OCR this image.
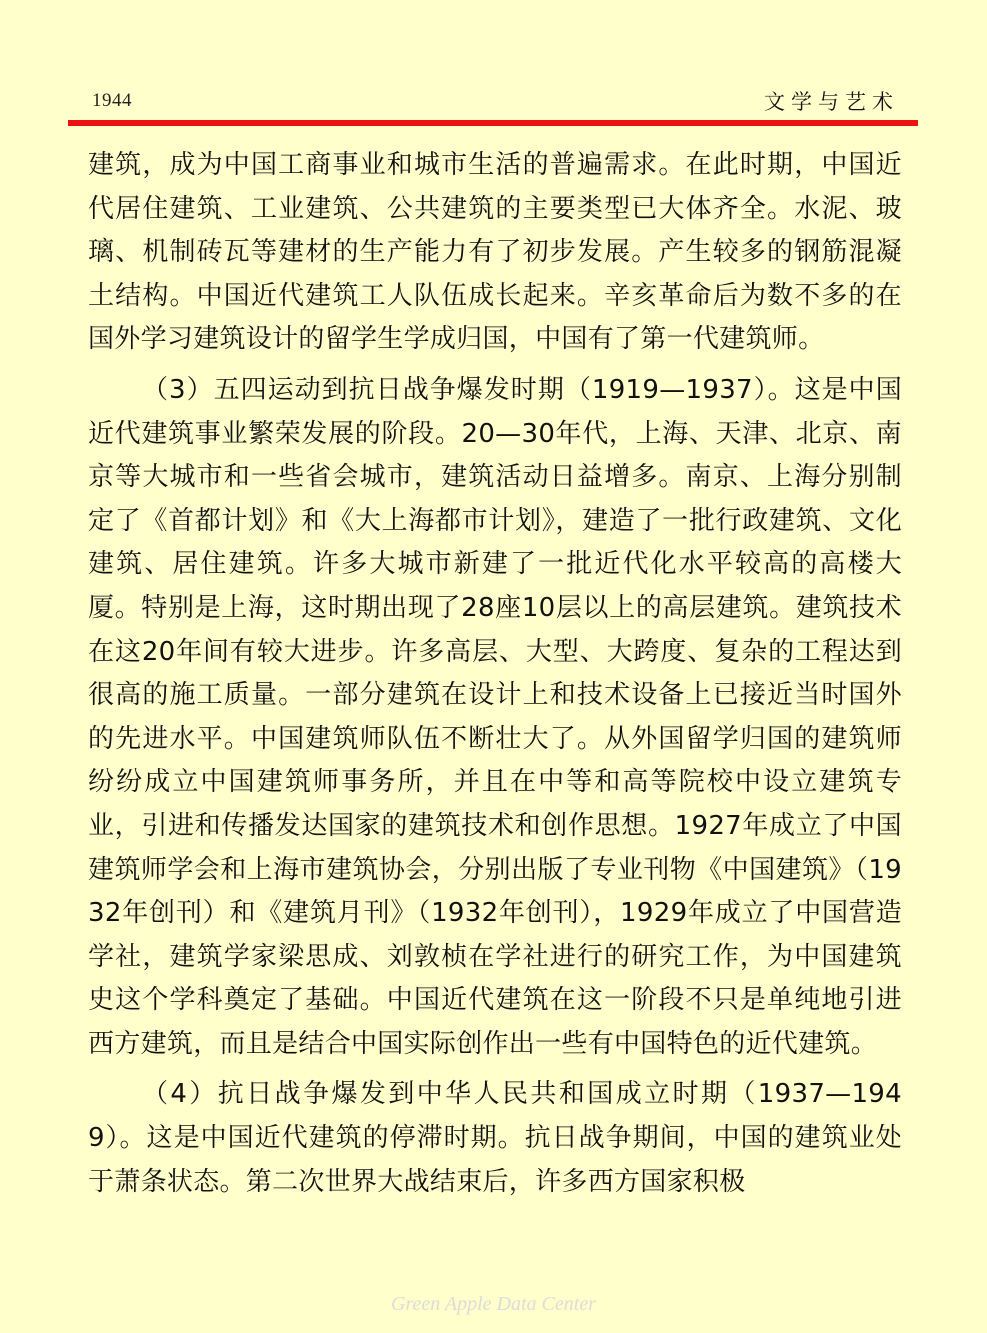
1944	文学与艺术

建筑，成为中国工商事业和城市生活的普遍需求。在此时期，中国近代居住建筑、工业建筑、公共建筑的主要类型已大体齐全。水泥、玻璃、机制砖瓦等建材的生产能力有了初步发展。产生较多的钢筋混凝土结构。中国近代建筑工人队伍成长起来。辛亥革命后为数不多的在国外学习建筑设计的留学生学成归国，中国有了第一代建筑师。

（3）五四运动到抗日战争爆发时期（1919—1937）。这是中国近代建筑事业繁荣发展的阶段。20—30年代，上海、天津、北京、南京等大城市和一些省会城市，建筑活动日益增多。南京、上海分别制定了《首都计划》和《大上海都市计划》，建造了一批行政建筑、文化建筑、居住建筑。许多大城市新建了一批近代化水平较高的高楼大厦。特别是上海，这时期出现了28座10层以上的高层建筑。建筑技术在这20年间有较大进步。许多高层、大型、大跨度、复杂的工程达到很高的施工质量。一部分建筑在设计上和技术设备上已接近当时国外的先进水平。中国建筑师队伍不断壮大了。从外国留学归国的建筑师纷纷成立中国建筑师事务所，并且在中等和高等院校中设立建筑专业，引进和传播发达国家的建筑技术和创作思想。1927年成立了中国建筑师学会和上海市建筑协会，分别出版了专业刊物《中国建筑》（1932年创刊）和《建筑月刊》（1932年创刊），1929年成立了中国营造学社，建筑学家梁思成、刘敦桢在学社进行的研究工作，为中国建筑史这个学科奠定了基础。中国近代建筑在这一阶段不只是单纯地引进西方建筑，而且是结合中国实际创作出一些有中国特色的近代建筑。

（4）抗日战争爆发到中华人民共和国成立时期（1937—1949）。这是中国近代建筑的停滞时期。抗日战争期间，中国的建筑业处于萧条状态。第二次世界大战结束后，许多西方国家积极

Green Apple Data Center
